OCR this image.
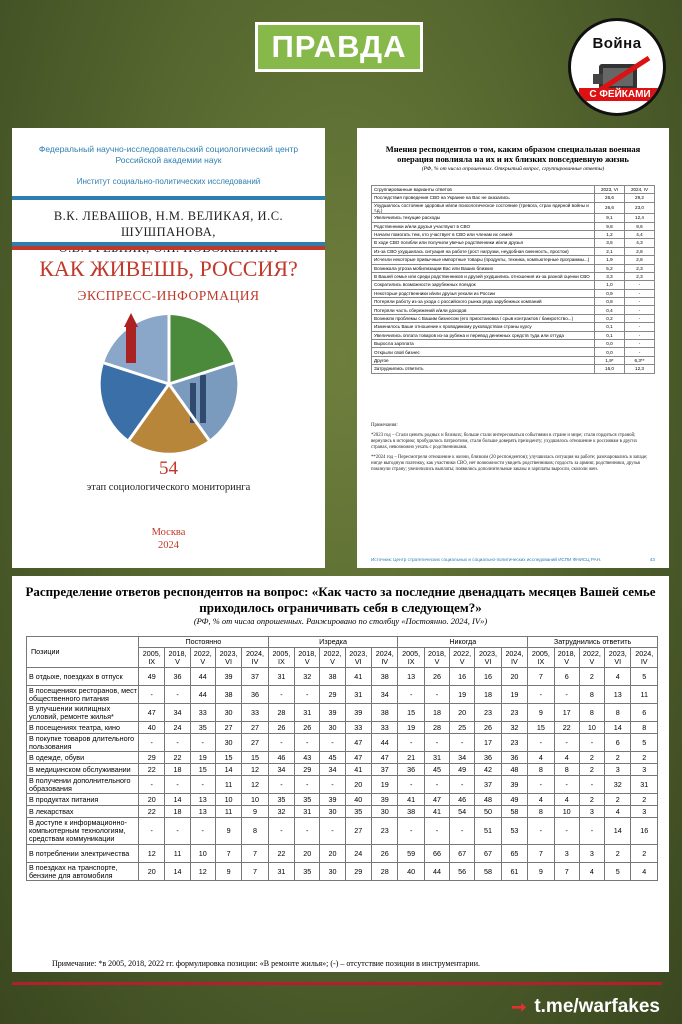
ПРАВДА	Война
С ФЕЙКАМИ
Федеральный научно-исследовательский социологический центр
Российской академии наук
Институт социально-политических исследований
В.К. ЛЕВАШОВ, Н.М. ВЕЛИКАЯ, И.С. ШУШПАНОВА,
КАК ЖИВЕШЬ, РОССИЯ?
ЭКСПРЕСС-ИНФОРМАЦИЯ
54
этап социологического мониторинга
Москва
2024
Мнения респондентов о том, каким образом специальная военная операция повлияла на их и их близких повседневную жизнь
(РФ, % от числа опрошенных. Открытый вопрос, сгруппированные ответы)
Сгруппированные варианты ответов	2023, VI	2024, IV
Последствия проведения СВО на Украине на Вас не оказались	26,6	29,2
Ухудшилось состояние здоровья и/или психологическое состояние (тревога, страх ядерной войны и т.д.)	26,6	23,0
Увеличились текущие расходы	9,1	12,4
Родственники и/или друзья участвуют в СВО	9,8	9,6
Начали помогать тем, кто участвует в СВО или членам их семей	1,2	4,4
В ходе СВО погибли или получили увечье родственники и/или друзья	3,5	4,3
Из-за СВО ухудшилась ситуация на работе (рост нагрузки, неудобная сменность, простои)	2,1	2,8
Исчезли некоторые привычные импортные товары (продукты, техника, компьютерные программы...)	1,9	2,8
Возникала угроза мобилизации Вас или Ваших близких	5,2	2,3
В Вашей семье или среди родственников и друзей ухудшились отношения из-за разной оценки СВО	3,3	2,3
Сократились возможности зарубежных поездок	1,0	-
Некоторые родственники и/или друзья уехали из России	0,9	-
Потеряли работу из-за ухода с российского рынка ряда зарубежных компаний	0,8	-
Потеряли часть сбережений и/или доходов	0,4	-
Возникли проблемы с Вашим бизнесом (его приостановка / срыв контрактов / банкротство...)	0,2	-
Изменилось Ваше отношение к проводимому руководством страны курсу	0,1	-
Увеличились оплата товаров из-за рубежа и перевод денежных средств туда или оттуда	0,1	-
Выросла зарплата	0,0	-
Открыли свой бизнес	0,0	-
Другое	1,9*	6,3**
Затруднились ответить	16,0	12,3

Примечания:

*2023 год – Стали ценить родных и близких; больше стали интересоваться событиями в стране и мире; стали гордиться страной; вернулись в историю; пробудилось патриотизм, стали больше доверять президенту; ухудшилось отношение к россиянам в других странах, невозможно уехать с родственниками.

**2024 год – Пересмотрели отношение к жизни, близким (20 респондентов); улучшилась ситуация на работе; разочаровались в западе; нигде выгодную платежку, как участники СВО, нет возможности увидеть родственников; гордость за армию; родственники, друзья покинули страну; увеличились выплаты; появились дополнительные заказы и зарплаты выросли, скололи жен.

Источник: Центр стратегических социальных и социально-политических исследований ИСПИ ФНИСЦ РАН.	43
Распределение ответов респондентов на вопрос: «Как часто за последние двенадцать месяцев Вашей семье приходилось ограничивать себя в следующем?»
(РФ, % от числа опрошенных. Ранжировано по столбцу «Постоянно. 2024, IV»)
Позиции	Постоянно					Изредка					Никогда					Затруднились ответить				
	2005, IX	2018, V	2022, V	2023, VI	2024, IV	2005, IX	2018, V	2022, V	2023, VI	2024, IV	2005, IX	2018, V	2022, V	2023, VI	2024, IV	2005, IX	2018, V	2022, V	2023, VI	2024, IV
В отдыхе, поездках в отпуск	49	36	44	39	37	31	32	38	41	38	13	26	16	16	20	7	6	2	4	5
В посещениях ресторанов, мест общественного питания	-	-	44	38	36	-	-	29	31	34	-	-	19	18	19	-	-	8	13	11
В улучшении жилищных условий, ремонте жилья*	47	34	33	30	33	28	31	39	39	38	15	18	20	23	23	9	17	8	8	6
В посещениях театра, кино	40	24	35	27	27	26	26	30	33	33	19	28	25	26	32	15	22	10	14	8
В покупке товаров длительного пользования	-	-	-	30	27	-	-	-	47	44	-	-	-	17	23	-	-	-	6	5
В одежде, обуви	29	22	19	15	15	46	43	45	47	47	21	31	34	36	36	4	4	2	2	2
В медицинском обслуживании	22	18	15	14	12	34	29	34	41	37	36	45	49	42	48	8	8	2	3	3
В получении дополнительного образования	-	-	-	11	12	-	-	-	20	19	-	-	-	37	39	-	-	-	32	31
В продуктах питания	20	14	13	10	10	35	35	39	40	39	41	47	46	48	49	4	4	2	2	2
В лекарствах	22	18	13	11	9	32	31	30	35	30	38	41	54	50	58	8	10	3	4	3
В доступе к информационно-компьютерным технологиям, средствам коммуникации	-	-	-	9	8	-	-	-	27	23	-	-	-	51	53	-	-	-	14	16
В потреблении электричества	12	11	10	7	7	22	20	20	24	26	59	66	67	67	65	7	3	3	2	2
В поездках на транспорте, бензине для автомобиля	20	14	12	9	7	31	35	30	29	28	40	44	56	58	61	9	7	4	5	4
Примечание: *в 2005, 2018, 2022 гг. формулировка позиции: «В ремонте жилья»; (-) – отсутствие позиции в инструментарии.
➞ t.me/warfakes
